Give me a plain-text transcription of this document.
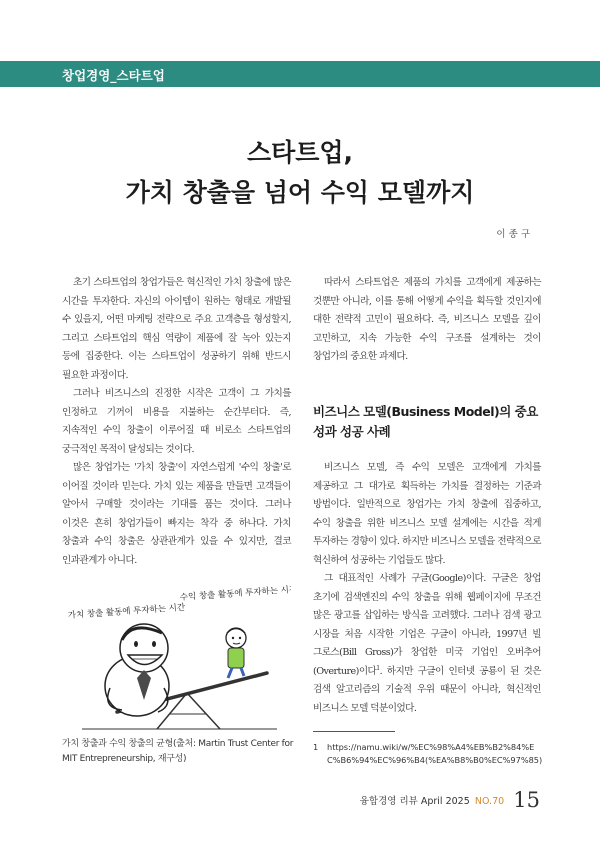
창업경영_스타트업
스타트업,
가치 창출을 넘어 수익 모델까지
이 종 구

초기 스타트업의 창업가들은 혁신적인 가치 창출에 많은 시간을 투자한다. 자신의 아이템이 원하는 형태로 개발될 수 있을지, 어떤 마케팅 전략으로 주요 고객층을 형성할지, 그리고 스타트업의 핵심 역량이 제품에 잘 녹아 있는지 등에 집중한다. 이는 스타트업이 성공하기 위해 반드시 필요한 과정이다.

그러나 비즈니스의 진정한 시작은 고객이 그 가치를 인정하고 기꺼이 비용을 지불하는 순간부터다. 즉, 지속적인 수익 창출이 이루어질 때 비로소 스타트업의 궁극적인 목적이 달성되는 것이다.

많은 창업가는 '가치 창출'이 자연스럽게 '수익 창출'로 이어질 것이라 믿는다. 가치 있는 제품을 만들면 고객들이 알아서 구매할 것이라는 기대를 품는 것이다. 그러나 이것은 흔히 창업가들이 빠지는 착각 중 하나다. 가치 창출과 수익 창출은 상관관계가 있을 수 있지만, 결코 인과관계가 아니다.

가치 창출 활동에 투자하는 시간
수익 창출 활동에 투자하는 시간
가치 창출과 수익 창출의 균형(출처: Martin Trust Center for MIT Entrepreneurship, 재구성)

따라서 스타트업은 제품의 가치를 고객에게 제공하는 것뿐만 아니라, 이를 통해 어떻게 수익을 획득할 것인지에 대한 전략적 고민이 필요하다. 즉, 비즈니스 모델을 깊이 고민하고, 지속 가능한 수익 구조를 설계하는 것이 창업가의 중요한 과제다.

비즈니스 모델(Business Model)의 중요성과 성공 사례

비즈니스 모델, 즉 수익 모델은 고객에게 가치를 제공하고 그 대가로 획득하는 가치를 결정하는 기준과 방법이다. 일반적으로 창업가는 가치 창출에 집중하고, 수익 창출을 위한 비즈니스 모델 설계에는 시간을 적게 투자하는 경향이 있다. 하지만 비즈니스 모델을 전략적으로 혁신하여 성공하는 기업들도 많다.

그 대표적인 사례가 구글(Google)이다. 구글은 창업 초기에 검색엔진의 수익 창출을 위해 웹페이지에 무조건 많은 광고를 삽입하는 방식을 고려했다. 그러나 검색 광고 시장을 처음 시작한 기업은 구글이 아니라, 1997년 빌 그로스(Bill Gross)가 창업한 미국 기업인 오버추어(Overture)이다$^1$. 하지만 구글이 인터넷 공룡이 된 것은 검색 알고리즘의 기술적 우위 때문이 아니라, 혁신적인 비즈니스 모델 덕분이었다.

1	https://namu.wiki/w/%EC%98%A4%EB%B2%84%EC%B6%94%EC%96%B4(%EA%B8%B0%EC%97%85)
융합경영 리뷰 April 2025 NO.70 15
